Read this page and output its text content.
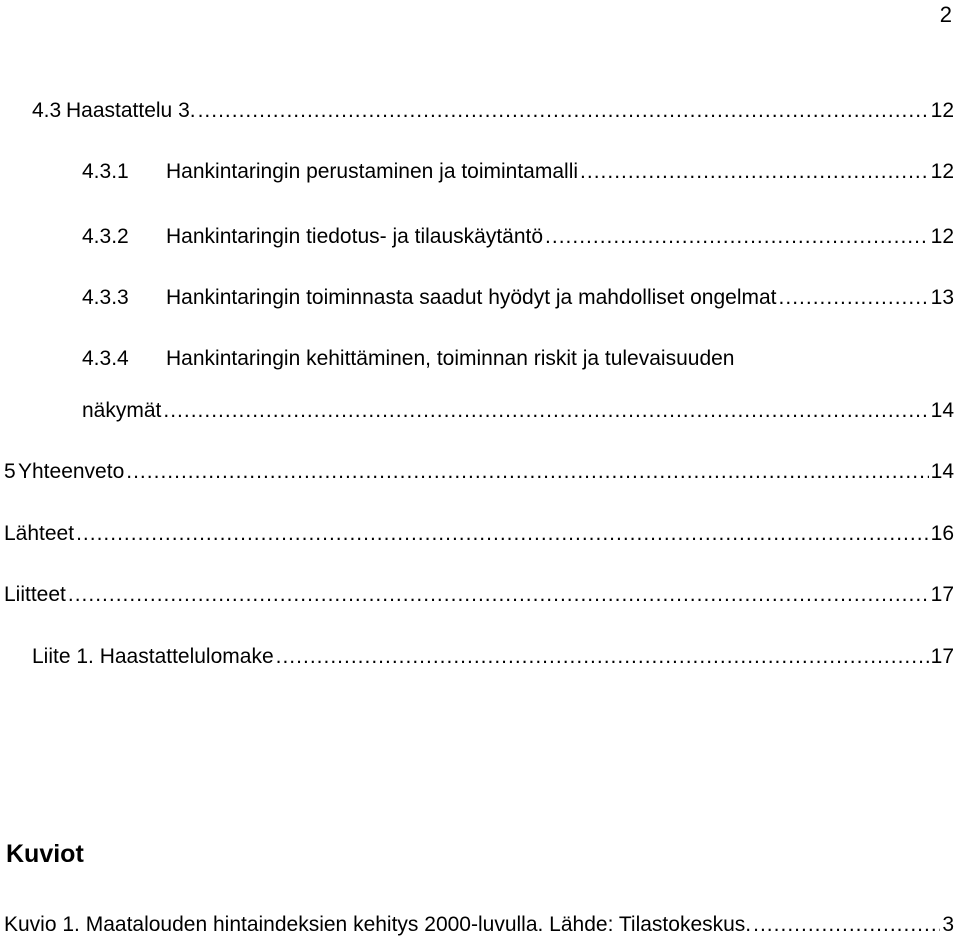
2
4.3 Haastattelu 3. .....	12
4.3.1	Hankintaringin perustaminen ja toimintamalli .....	12
4.3.2	Hankintaringin tiedotus- ja tilauskäytäntö .....	12
4.3.3	Hankintaringin toiminnasta saadut hyödyt ja mahdolliset ongelmat .....	13
4.3.4 Hankintaringin kehittäminen, toiminnan riskit ja tulevaisuuden
näkymät .....	14
5 Yhteenveto .....	14
Lähteet .....	16
Liitteet .....	17
Liite 1. Haastattelulomake .....	17
Kuviot
Kuvio 1. Maatalouden hintaindeksien kehitys 2000-luvulla. Lähde: Tilastokeskus. .....	3
